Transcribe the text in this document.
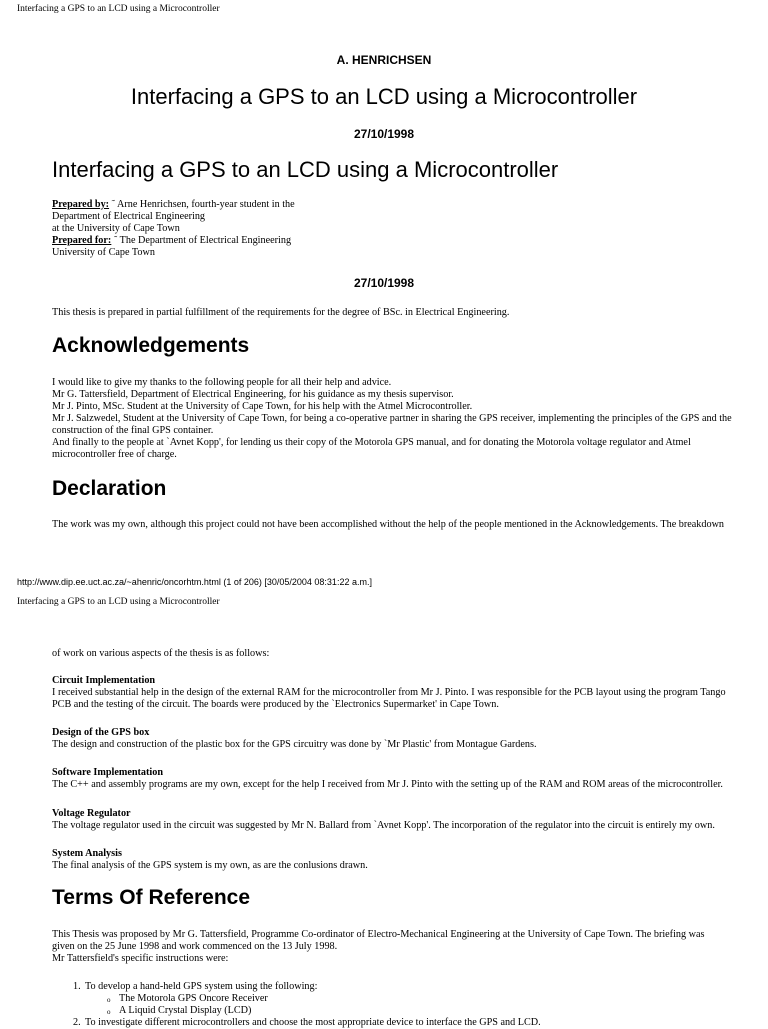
Interfacing a GPS to an LCD using a Microcontroller
A. HENRICHSEN
Interfacing a GPS to an LCD using a Microcontroller
27/10/1998
Interfacing a GPS to an LCD using a Microcontroller
Prepared by: ˜ Arne Henrichsen, fourth-year student in the
Department of Electrical Engineering
at the University of Cape Town
Prepared for: ˜ The Department of Electrical Engineering
University of Cape Town
27/10/1998
This thesis is prepared in partial fulfillment of the requirements for the degree of BSc. in Electrical Engineering.
Acknowledgements
I would like to give my thanks to the following people for all their help and advice.
Mr G. Tattersfield, Department of Electrical Engineering, for his guidance as my thesis supervisor.
Mr J. Pinto, MSc. Student at the University of Cape Town, for his help with the Atmel Microcontroller.
Mr J. Salzwedel, Student at the University of Cape Town, for being a co-operative partner in sharing the GPS receiver, implementing the principles of the GPS and the construction of the final GPS container.
And finally to the people at `Avnet Kopp', for lending us their copy of the Motorola GPS manual, and for donating the Motorola voltage regulator and Atmel microcontroller free of charge.
Declaration
The work was my own, although this project could not have been accomplished without the help of the people mentioned in the Acknowledgements. The breakdown
http://www.dip.ee.uct.ac.za/~ahenric/oncorhtm.html (1 of 206) [30/05/2004 08:31:22 a.m.]
Interfacing a GPS to an LCD using a Microcontroller
of work on various aspects of the thesis is as follows:
Circuit Implementation
I received substantial help in the design of the external RAM for the microcontroller from Mr J. Pinto. I was responsible for the PCB layout using the program Tango PCB and the testing of the circuit. The boards were produced by the `Electronics Supermarket' in Cape Town.
Design of the GPS box
The design and construction of the plastic box for the GPS circuitry was done by `Mr Plastic' from Montague Gardens.
Software Implementation
The C++ and assembly programs are my own, except for the help I received from Mr J. Pinto with the setting up of the RAM and ROM areas of the microcontroller.
Voltage Regulator
The voltage regulator used in the circuit was suggested by Mr N. Ballard from `Avnet Kopp'. The incorporation of the regulator into the circuit is entirely my own.
System Analysis
The final analysis of the GPS system is my own, as are the conlusions drawn.
Terms Of Reference
This Thesis was proposed by Mr G. Tattersfield, Programme Co-ordinator of Electro-Mechanical Engineering at the University of Cape Town. The briefing was given on the 25 June 1998 and work commenced on the 13 July 1998.
Mr Tattersfield's specific instructions were:
1. To develop a hand-held GPS system using the following:
o The Motorola GPS Oncore Receiver
o A Liquid Crystal Display (LCD)
2. To investigate different microcontrollers and choose the most appropriate device to interface the GPS and LCD.
